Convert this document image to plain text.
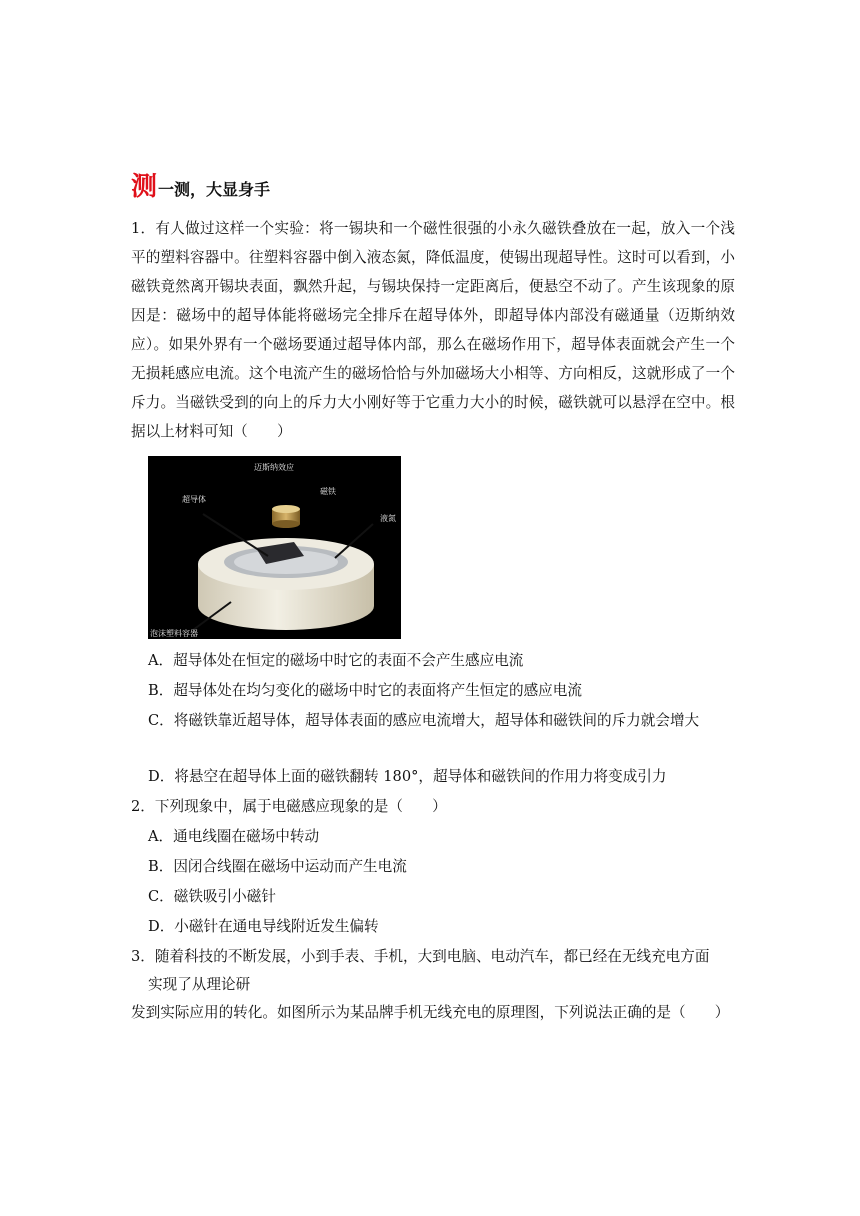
测 一测，大显身手
1．有人做过这样一个实验：将一锡块和一个磁性很强的小永久磁铁叠放在一起，放入一个浅平的塑料容器中。往塑料容器中倒入液态氮，降低温度，使锡出现超导性。这时可以看到，小磁铁竟然离开锡块表面，飘然升起，与锡块保持一定距离后，便悬空不动了。产生该现象的原因是：磁场中的超导体能将磁场完全排斥在超导体外，即超导体内部没有磁通量（迈斯纳效应）。如果外界有一个磁场要通过超导体内部，那么在磁场作用下，超导体表面就会产生一个无损耗感应电流。这个电流产生的磁场恰恰与外加磁场大小相等、方向相反，这就形成了一个斥力。当磁铁受到的向上的斥力大小刚好等于它重力大小的时候，磁铁就可以悬浮在空中。根据以上材料可知（　　）
迈斯纳效应
超导体
磁铁
液氮
泡沫塑料容器
A．超导体处在恒定的磁场中时它的表面不会产生感应电流
B．超导体处在均匀变化的磁场中时它的表面将产生恒定的感应电流
C．将磁铁靠近超导体，超导体表面的感应电流增大，超导体和磁铁间的斥力就会增大
D．将悬空在超导体上面的磁铁翻转 180°，超导体和磁铁间的作用力将变成引力
2．下列现象中，属于电磁感应现象的是（　　）
A．通电线圈在磁场中转动
B．因闭合线圈在磁场中运动而产生电流
C．磁铁吸引小磁针
D．小磁针在通电导线附近发生偏转
3．随着科技的不断发展，小到手表、手机，大到电脑、电动汽车，都已经在无线充电方面
实现了从理论研
发到实际应用的转化。如图所示为某品牌手机无线充电的原理图，下列说法正确的是（　　）
